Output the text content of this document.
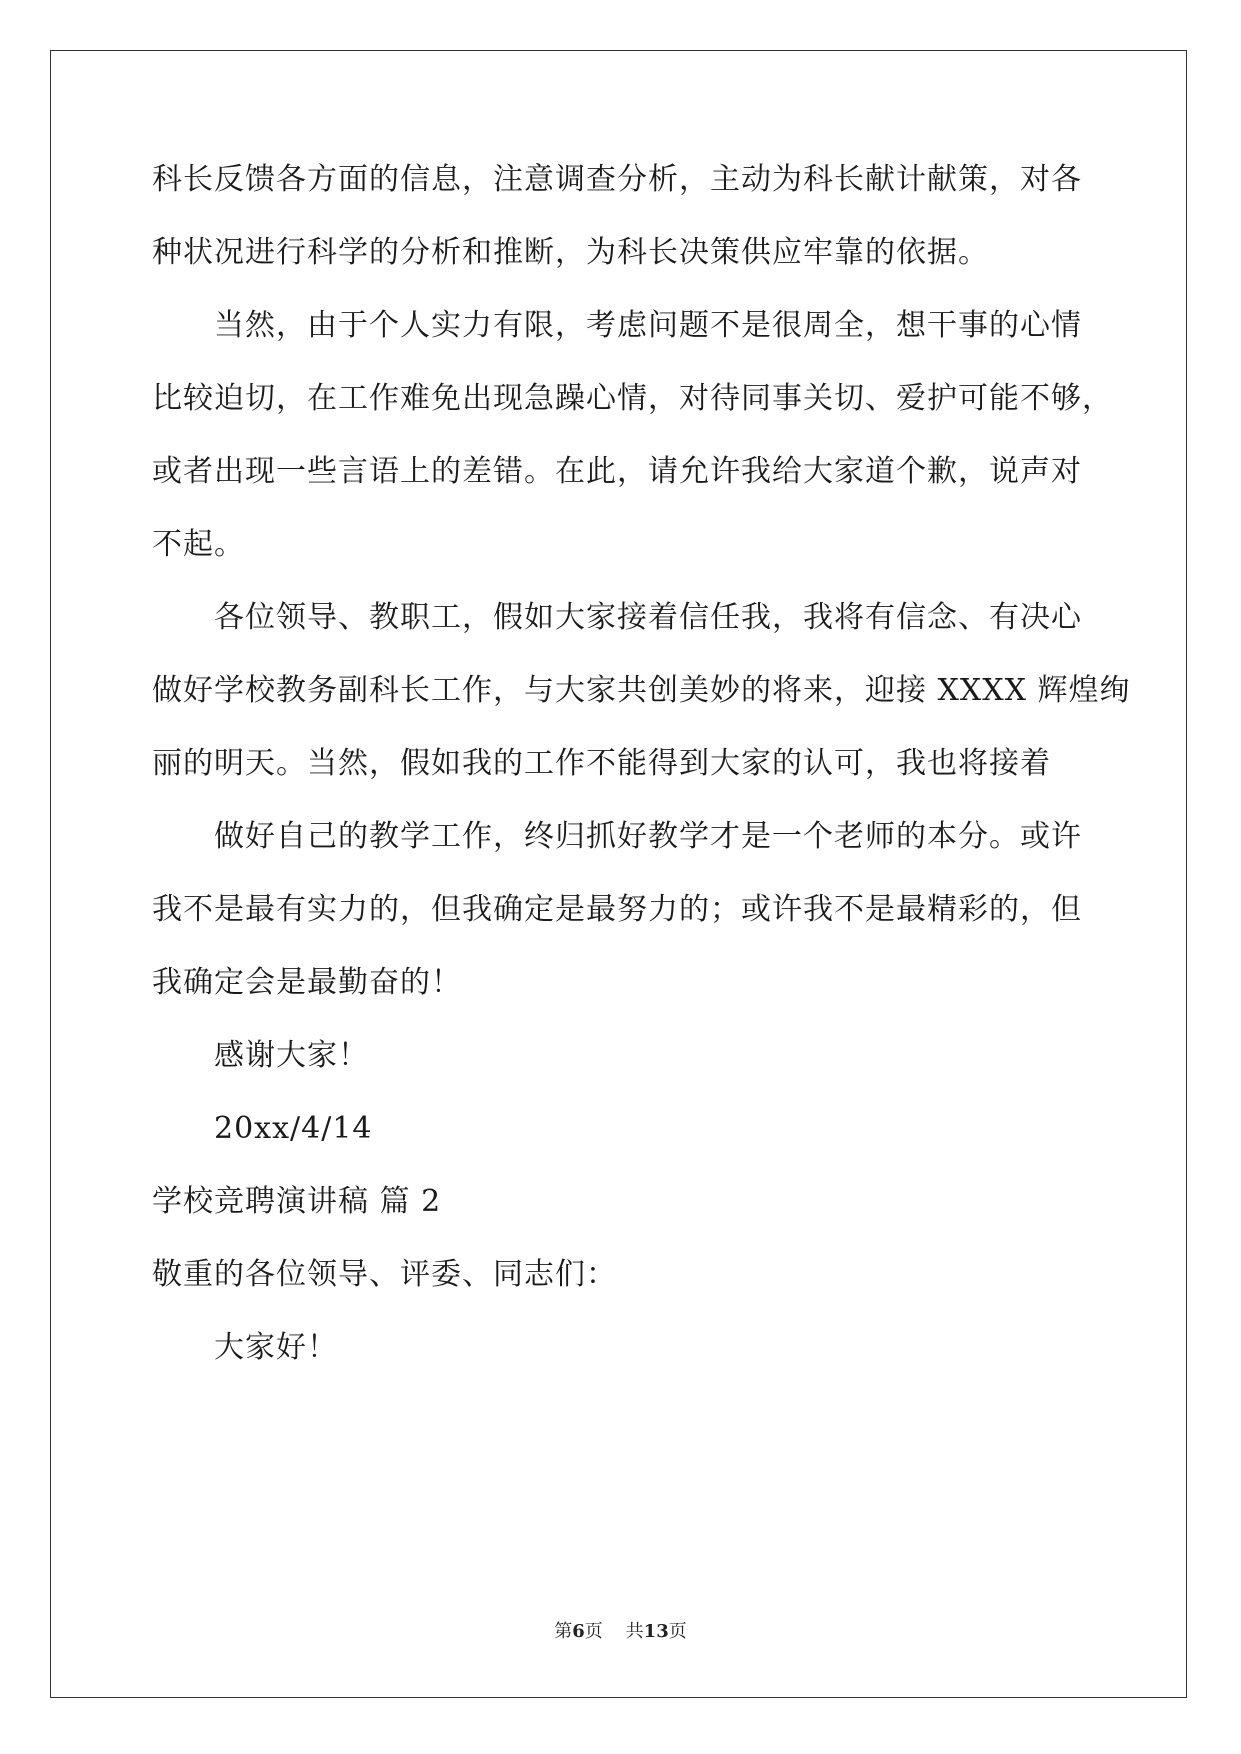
科长反馈各方面的信息，注意调查分析，主动为科长献计献策，对各
种状况进行科学的分析和推断，为科长决策供应牢靠的依据。
当然，由于个人实力有限，考虑问题不是很周全，想干事的心情
比较迫切，在工作难免出现急躁心情，对待同事关切、爱护可能不够，
或者出现一些言语上的差错。在此，请允许我给大家道个歉，说声对
不起。
各位领导、教职工，假如大家接着信任我，我将有信念、有决心
做好学校教务副科长工作，与大家共创美妙的将来，迎接 XXXX 辉煌绚
丽的明天。当然，假如我的工作不能得到大家的认可，我也将接着
做好自己的教学工作，终归抓好教学才是一个老师的本分。或许
我不是最有实力的，但我确定是最努力的；或许我不是最精彩的，但
我确定会是最勤奋的！
感谢大家！
20xx/4/14
学校竞聘演讲稿 篇 2
敬重的各位领导、评委、同志们：
大家好！
第6页 共13页
